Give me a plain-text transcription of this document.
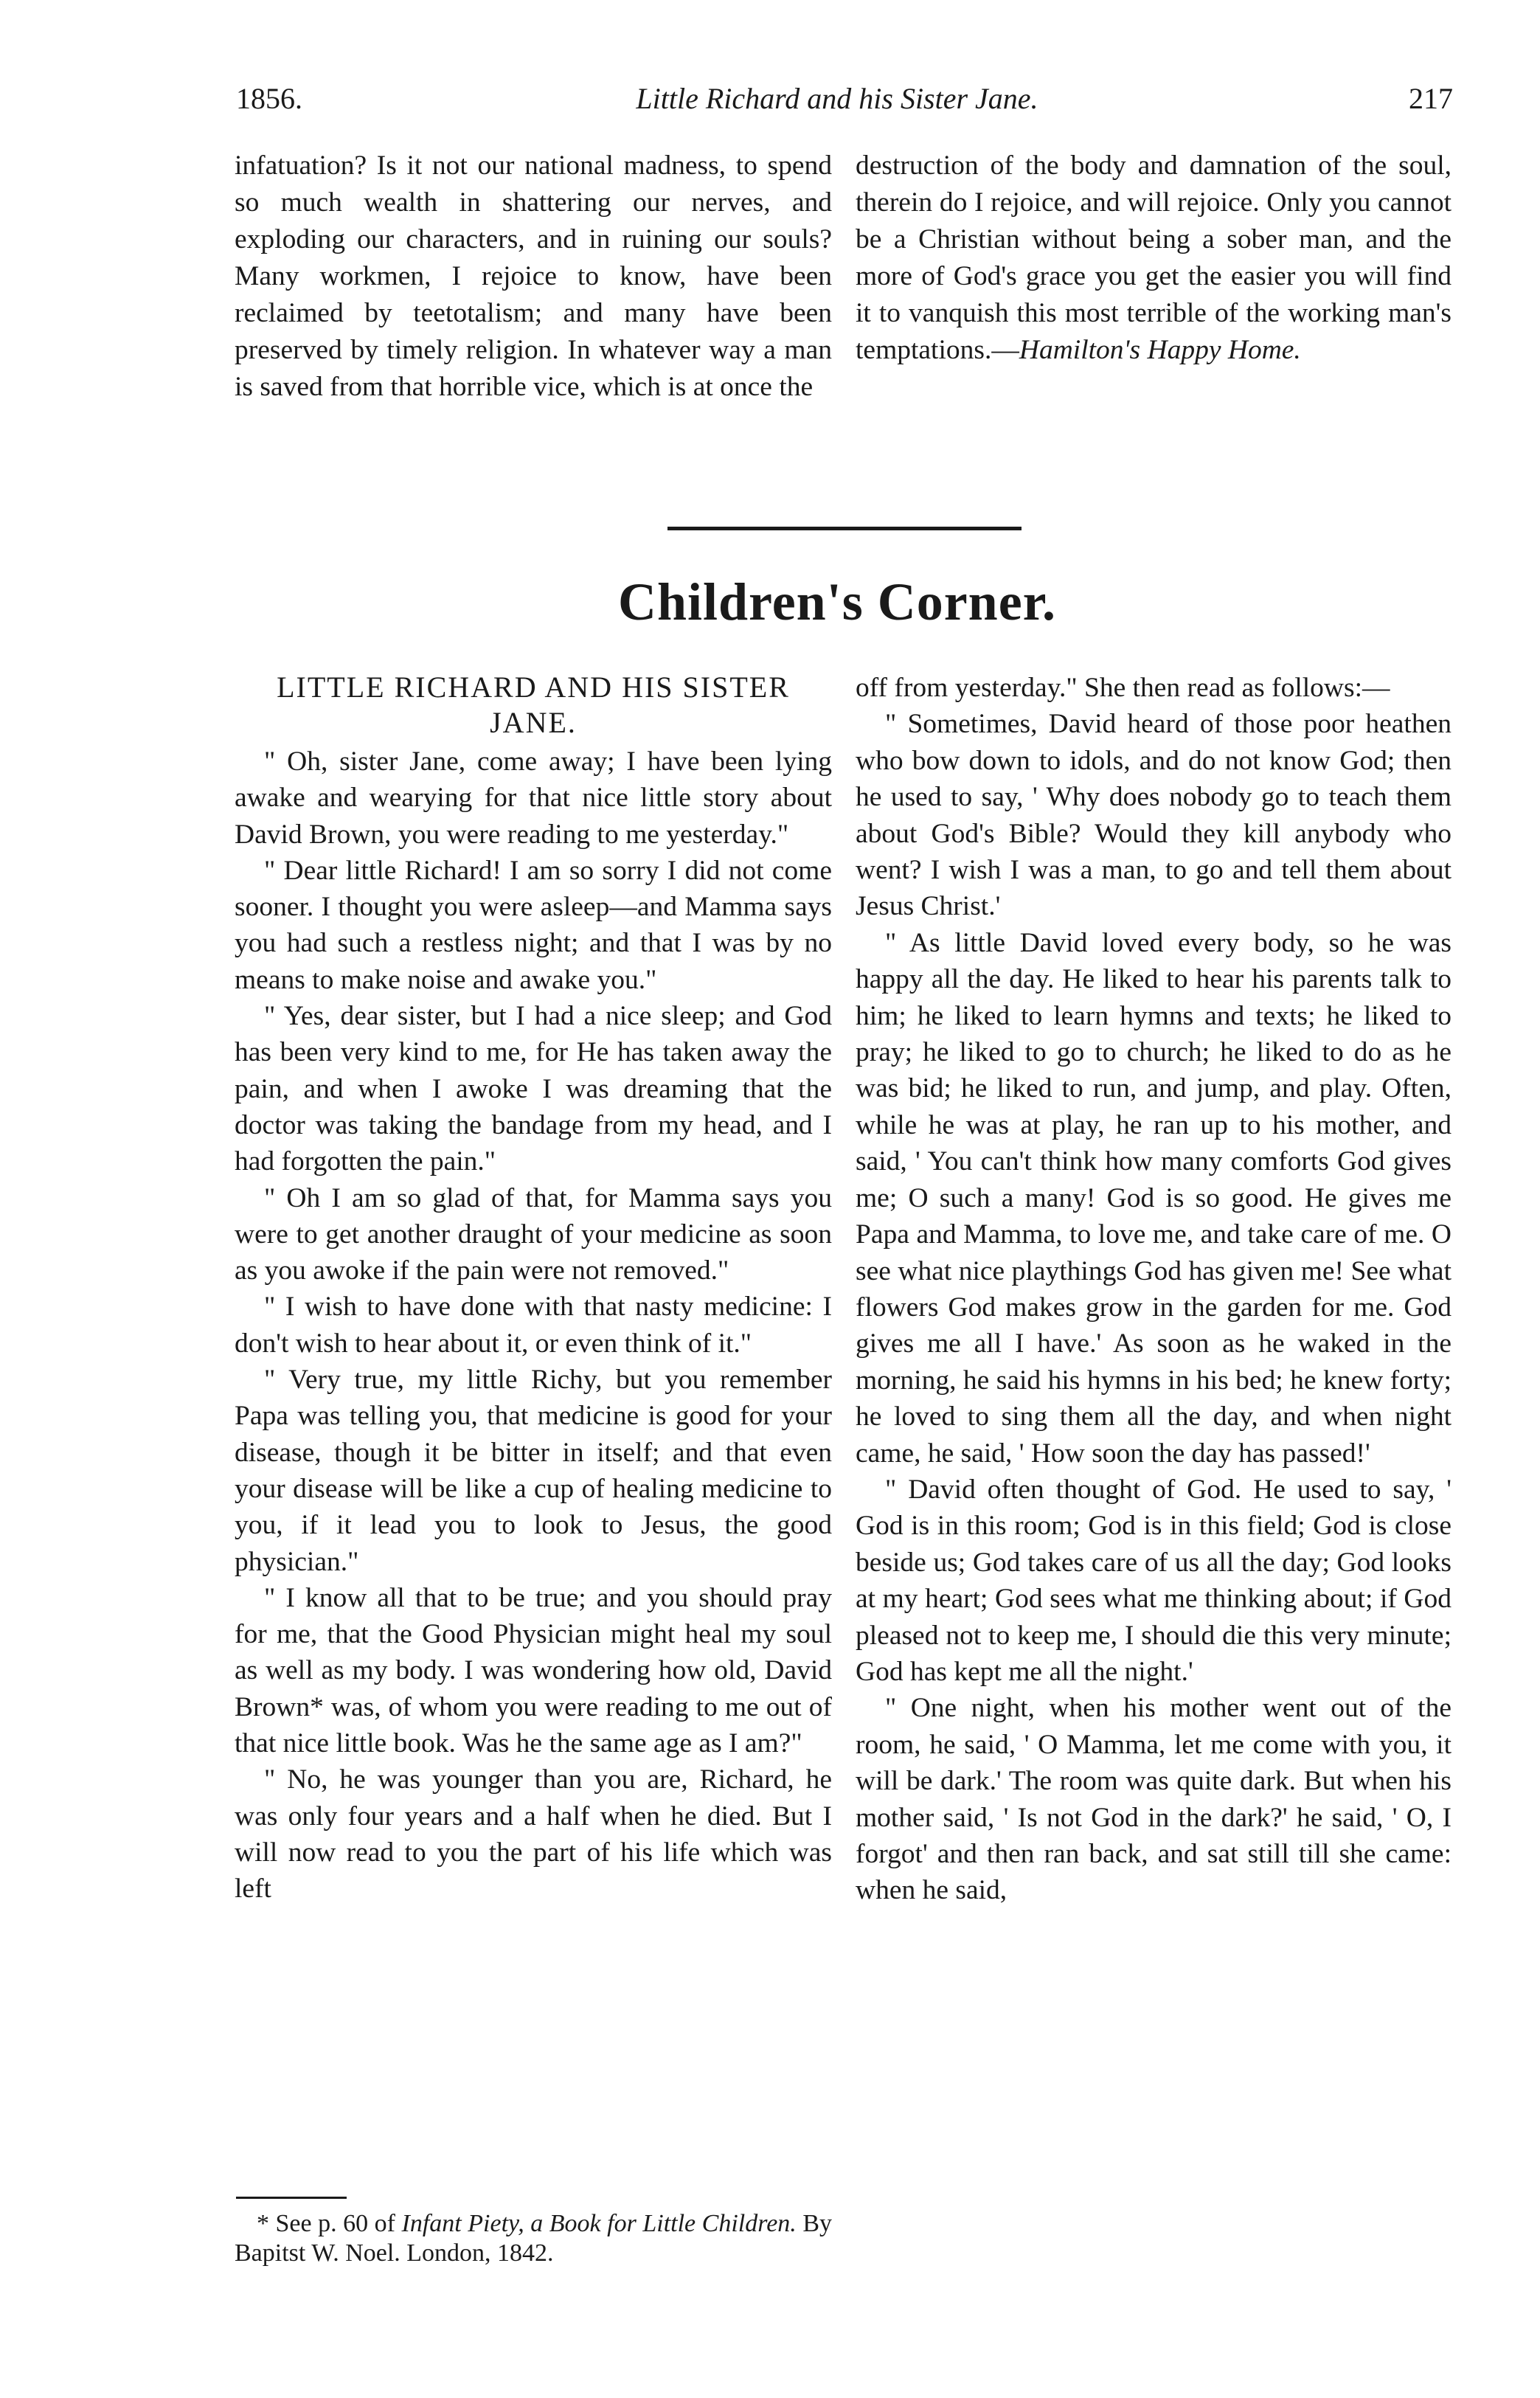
1856.	Little Richard and his Sister Jane.	217
infatuation? Is it not our national madness, to spend so much wealth in shattering our nerves, and exploding our characters, and in ruining our souls? Many workmen, I rejoice to know, have been reclaimed by teetotalism; and many have been preserved by timely religion. In whatever way a man is saved from that horrible vice, which is at once the
destruction of the body and damnation of the soul, therein do I rejoice, and will rejoice. Only you cannot be a Christian without being a sober man, and the more of God's grace you get the easier you will find it to vanquish this most terrible of the working man's temptations.—Hamilton's Happy Home.
Children's Corner.
LITTLE RICHARD AND HIS SISTER JANE.

" Oh, sister Jane, come away; I have been lying awake and wearying for that nice little story about David Brown, you were reading to me yesterday."

" Dear little Richard! I am so sorry I did not come sooner. I thought you were asleep—and Mamma says you had such a restless night; and that I was by no means to make noise and awake you."

" Yes, dear sister, but I had a nice sleep; and God has been very kind to me, for He has taken away the pain, and when I awoke I was dreaming that the doctor was taking the bandage from my head, and I had forgotten the pain."

" Oh I am so glad of that, for Mamma says you were to get another draught of your medicine as soon as you awoke if the pain were not removed."

" I wish to have done with that nasty medicine: I don't wish to hear about it, or even think of it."

" Very true, my little Richy, but you remember Papa was telling you, that medicine is good for your disease, though it be bitter in itself; and that even your disease will be like a cup of healing medicine to you, if it lead you to look to Jesus, the good physician."

" I know all that to be true; and you should pray for me, that the Good Physician might heal my soul as well as my body. I was wondering how old, David Brown* was, of whom you were reading to me out of that nice little book. Was he the same age as I am?"

" No, he was younger than you are, Richard, he was only four years and a half when he died. But I will now read to you the part of his life which was left

off from yesterday." She then read as follows:—

" Sometimes, David heard of those poor heathen who bow down to idols, and do not know God; then he used to say, ' Why does nobody go to teach them about God's Bible? Would they kill anybody who went? I wish I was a man, to go and tell them about Jesus Christ.'

" As little David loved every body, so he was happy all the day. He liked to hear his parents talk to him; he liked to learn hymns and texts; he liked to pray; he liked to go to church; he liked to do as he was bid; he liked to run, and jump, and play. Often, while he was at play, he ran up to his mother, and said, ' You can't think how many comforts God gives me; O such a many! God is so good. He gives me Papa and Mamma, to love me, and take care of me. O see what nice playthings God has given me! See what flowers God makes grow in the garden for me. God gives me all I have.' As soon as he waked in the morning, he said his hymns in his bed; he knew forty; he loved to sing them all the day, and when night came, he said, ' How soon the day has passed!'

" David often thought of God. He used to say, ' God is in this room; God is in this field; God is close beside us; God takes care of us all the day; God looks at my heart; God sees what me thinking about; if God pleased not to keep me, I should die this very minute; God has kept me all the night.'

" One night, when his mother went out of the room, he said, ' O Mamma, let me come with you, it will be dark.' The room was quite dark. But when his mother said, ' Is not God in the dark?' he said, ' O, I forgot' and then ran back, and sat still till she came: when he said,

* See p. 60 of Infant Piety, a Book for Little Children. By Bapitst W. Noel. London, 1842.
